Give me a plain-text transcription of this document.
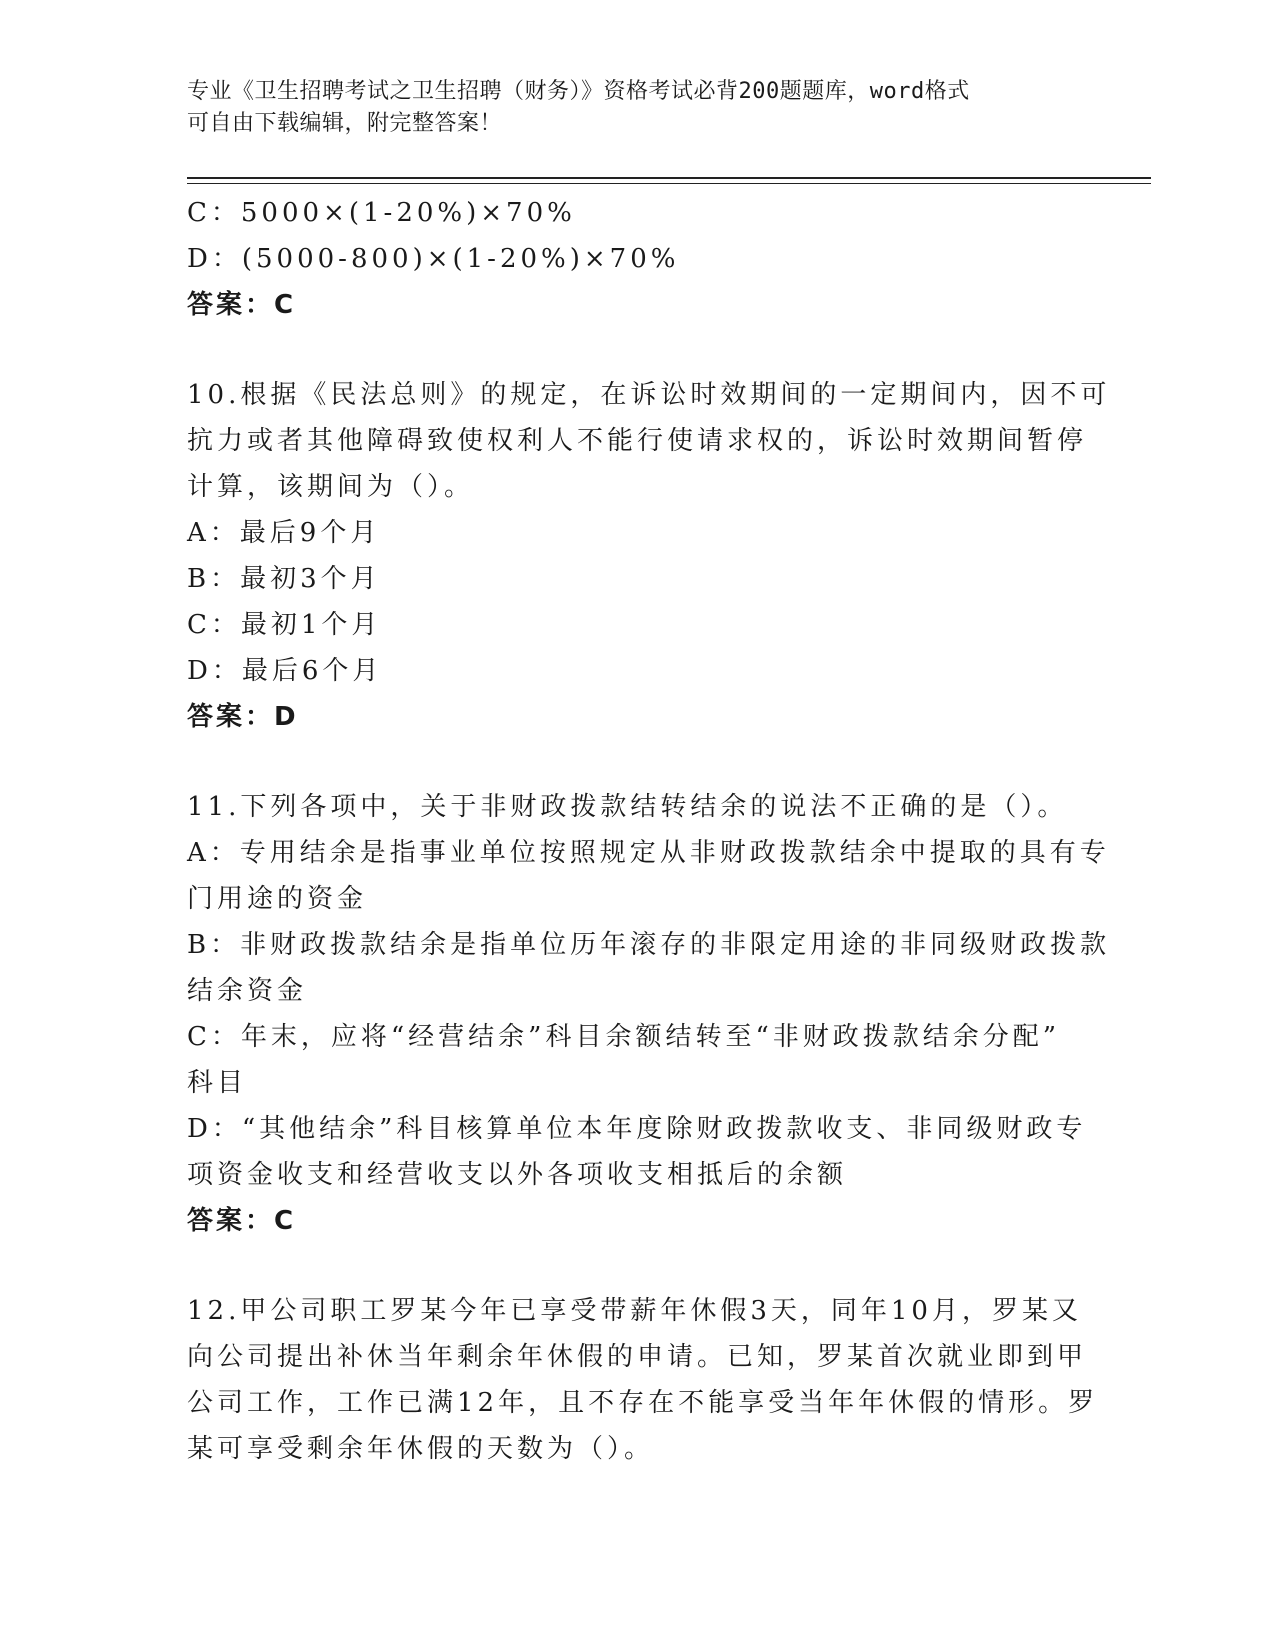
专业《卫生招聘考试之卫生招聘（财务）》资格考试必背200题题库，word格式
可自由下载编辑，附完整答案！
C：5000×(1-20%)×70%
D：(5000-800)×(1-20%)×70%
答案：C
10.根据《民法总则》的规定，在诉讼时效期间的一定期间内，因不可
抗力或者其他障碍致使权利人不能行使请求权的，诉讼时效期间暂停
计算，该期间为（）。
A：最后9个月
B：最初3个月
C：最初1个月
D：最后6个月
答案：D
11.下列各项中，关于非财政拨款结转结余的说法不正确的是（）。
A：专用结余是指事业单位按照规定从非财政拨款结余中提取的具有专
门用途的资金
B：非财政拨款结余是指单位历年滚存的非限定用途的非同级财政拨款
结余资金
C：年末，应将“经营结余”科目余额结转至“非财政拨款结余分配”
科目
D：“其他结余”科目核算单位本年度除财政拨款收支、非同级财政专
项资金收支和经营收支以外各项收支相抵后的余额
答案：C
12.甲公司职工罗某今年已享受带薪年休假3天，同年10月，罗某又
向公司提出补休当年剩余年休假的申请。已知，罗某首次就业即到甲
公司工作，工作已满12年，且不存在不能享受当年年休假的情形。罗
某可享受剩余年休假的天数为（）。
